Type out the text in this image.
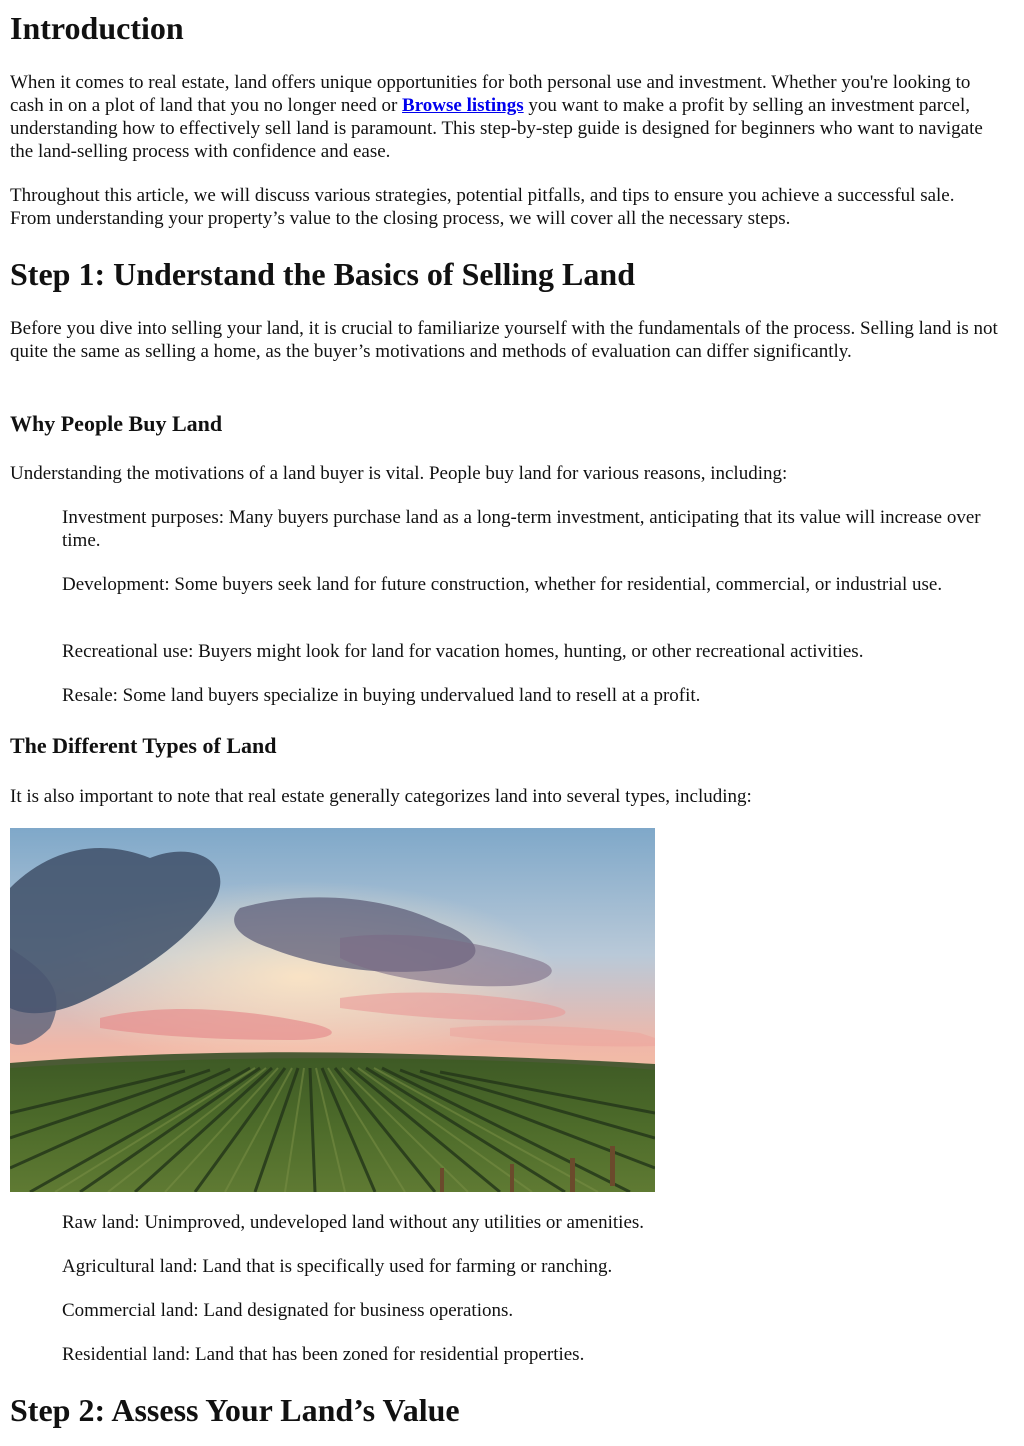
Introduction

When it comes to real estate, land offers unique opportunities for both personal use and investment. Whether you're looking to cash in on a plot of land that you no longer need or Browse listings you want to make a profit by selling an investment parcel, understanding how to effectively sell land is paramount. This step-by-step guide is designed for beginners who want to navigate the land-selling process with confidence and ease.

Throughout this article, we will discuss various strategies, potential pitfalls, and tips to ensure you achieve a successful sale. From understanding your property’s value to the closing process, we will cover all the necessary steps.

Step 1: Understand the Basics of Selling Land

Before you dive into selling your land, it is crucial to familiarize yourself with the fundamentals of the process. Selling land is not quite the same as selling a home, as the buyer’s motivations and methods of evaluation can differ significantly.

Why People Buy Land

Understanding the motivations of a land buyer is vital. People buy land for various reasons, including:

Investment purposes: Many buyers purchase land as a long-term investment, anticipating that its value will increase over time.

Development: Some buyers seek land for future construction, whether for residential, commercial, or industrial use.

Recreational use: Buyers might look for land for vacation homes, hunting, or other recreational activities.

Resale: Some land buyers specialize in buying undervalued land to resell at a profit.

The Different Types of Land

It is also important to note that real estate generally categorizes land into several types, including:

Raw land: Unimproved, undeveloped land without any utilities or amenities.

Agricultural land: Land that is specifically used for farming or ranching.

Commercial land: Land designated for business operations.

Residential land: Land that has been zoned for residential properties.

Step 2: Assess Your Land’s Value
